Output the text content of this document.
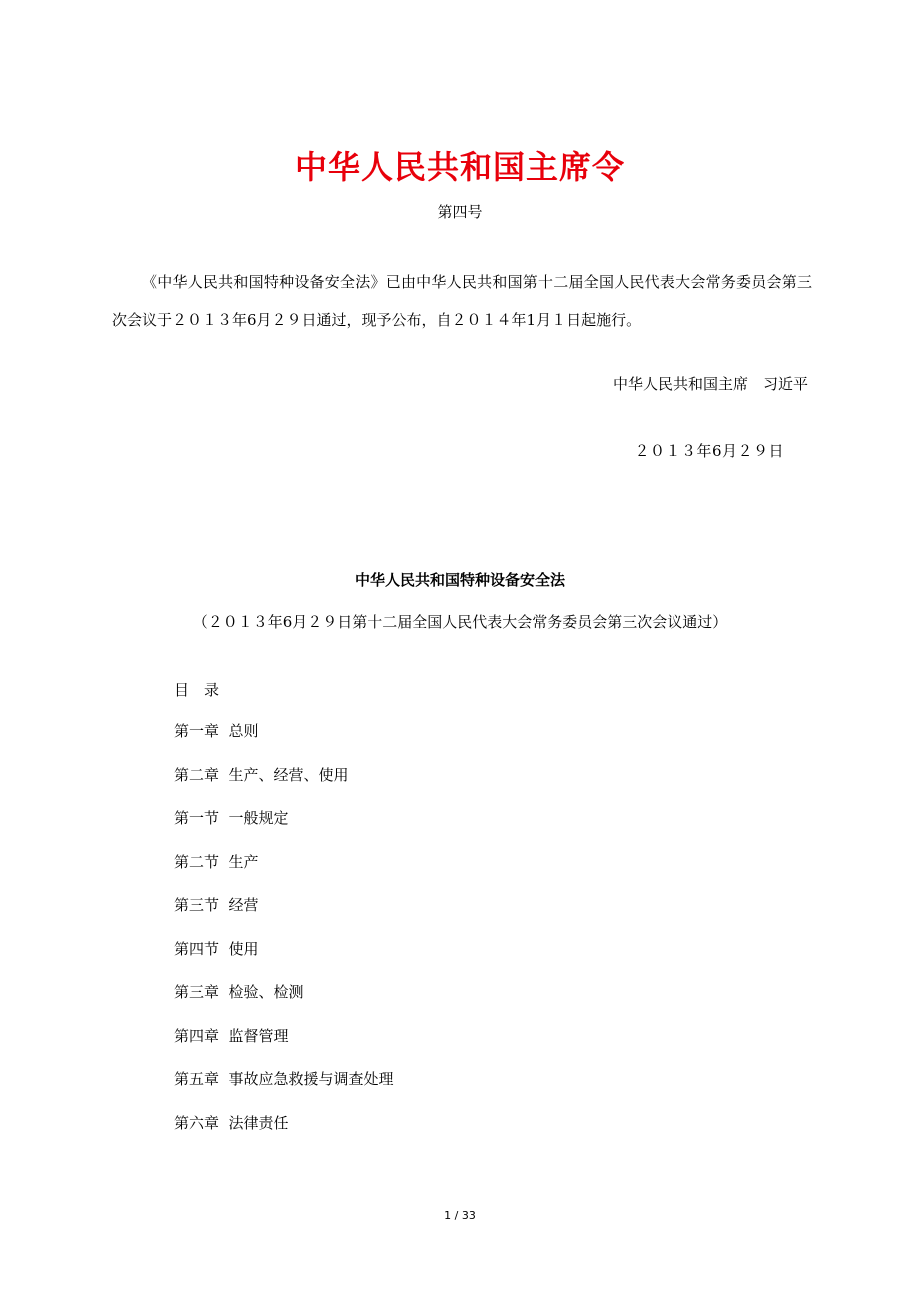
中华人民共和国主席令
第四号
《中华人民共和国特种设备安全法》已由中华人民共和国第十二届全国人民代表大会常务委员会第三次会议于２０１３年6月２９日通过，现予公布，自２０１４年1月１日起施行。
中华人民共和国主席　习近平
２０１３年6月２９日
中华人民共和国特种设备安全法
（２０１３年6月２９日第十二届全国人民代表大会常务委员会第三次会议通过）
目　录
第一章  总则
第二章  生产、经营、使用
第一节  一般规定
第二节  生产
第三节  经营
第四节  使用
第三章  检验、检测
第四章  监督管理
第五章  事故应急救援与调查处理
第六章  法律责任
1 / 33
